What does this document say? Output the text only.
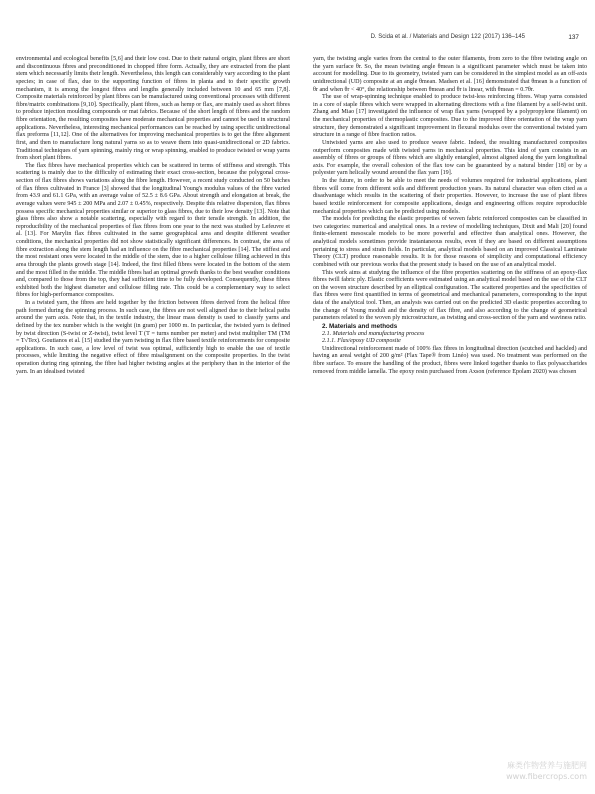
D. Scida et al. / Materials and Design 122 (2017) 136–145	137

environmental and ecological benefits [5,6] and their low cost. Due to their natural origin, plant fibres are short and discontinuous fibres and preconditioned in chopped fibre form. Actually, they are extracted from the plant stem which necessarily limits their length. Nevertheless, this length can considerably vary according to the plant species; in case of flax, due to the supporting function of fibres in planta and to their specific growth mechanism, it is among the longest fibres and lengths generally included between 10 and 65 mm [7,8]. Composite materials reinforced by plant fibres can be manufactured using conventional processes with different fibre/matrix combinations [9,10]. Specifically, plant fibres, such as hemp or flax, are mainly used as short fibres to produce injection moulding compounds or mat fabrics. Because of the short length of fibres and the random fibre orientation, the resulting composites have moderate mechanical properties and cannot be used in structural applications. Nevertheless, interesting mechanical performances can be reached by using specific unidirectional flax preforms [11,12]. One of the alternatives for improving mechanical properties is to get the fibre alignment first, and then to manufacture long natural yarns so as to weave them into quasi-unidirectional or 2D fabrics. Traditional techniques of yarn spinning, mainly ring or wrap spinning, enabled to produce twisted or wrap yarns from short plant fibres.

The flax fibres have mechanical properties which can be scattered in terms of stiffness and strength. This scattering is mainly due to the difficulty of estimating their exact cross-section, because the polygonal cross-section of flax fibres shows variations along the fibre length. However, a recent study conducted on 50 batches of flax fibres cultivated in France [3] showed that the longitudinal Young's modulus values of the fibre varied from 43.9 and 61.1 GPa, with an average value of 52.5 ± 8.6 GPa. About strength and elongation at break, the average values were 945 ± 200 MPa and 2.07 ± 0.45%, respectively. Despite this relative dispersion, flax fibres possess specific mechanical properties similar or superior to glass fibres, due to their low density [13]. Note that glass fibres also show a notable scattering, especially with regard to their tensile strength. In addition, the reproducibility of the mechanical properties of flax fibres from one year to the next was studied by Lefeuvre et al. [13]. For Marylin flax fibres cultivated in the same geographical area and despite different weather conditions, the mechanical properties did not show statistically significant differences. In contrast, the area of fibre extraction along the stem length had an influence on the fibre mechanical properties [14]. The stiffest and the most resistant ones were located in the middle of the stem, due to a higher cellulose filling achieved in this area through the plants growth stage [14]. Indeed, the first filled fibres were located in the bottom of the stem and the most filled in the middle. The middle fibres had an optimal growth thanks to the best weather conditions and, compared to those from the top, they had sufficient time to be fully developed. Consequently, these fibres exhibited both the highest diameter and cellulose filling rate. This could be a complementary way to select fibres for high-performance composites.

In a twisted yarn, the fibres are held together by the friction between fibres derived from the helical fibre path formed during the spinning process. In such case, the fibres are not well aligned due to their helical paths around the yarn axis. Note that, in the textile industry, the linear mass density is used to classify yarns and defined by the tex number which is the weight (in gram) per 1000 m. In particular, the twisted yarn is defined by twist direction (S-twist or Z-twist), twist level T (T = turns number per meter) and twist multiplier TM (TM = T√Tex). Goutianos et al. [15] studied the yarn twisting in flax fibre based textile reinforcements for composite applications. In such case, a low level of twist was optimal, sufficiently high to enable the use of textile processes, while limiting the negative effect of fibre misalignment on the composite properties. In the twist operation during ring spinning, the fibre had higher twisting angles at the periphery than in the interior of the yarn. In an idealised twisted

yarn, the twisting angle varies from the central to the outer filaments, from zero to the fibre twisting angle on the yarn surface θr. So, the mean twisting angle θmean is a significant parameter which must be taken into account for modelling. Due to its geometry, twisted yarn can be considered in the simplest model as an off-axis unidirectional (UD) composite at an angle θmean. Madsen et al. [16] demonstrated that θmean is a function of θr and when θr < 40°, the relationship between θmean and θr is linear, with θmean = 0.7θr.

The use of wrap-spinning technique enabled to produce twist-less reinforcing fibres. Wrap yarns consisted in a core of staple fibres which were wrapped in alternating directions with a fine filament by a self-twist unit. Zhang and Miao [17] investigated the influence of wrap flax yarns (wrapped by a polypropylene filament) on the mechanical properties of thermoplastic composites. Due to the improved fibre orientation of the wrap yarn structure, they demonstrated a significant improvement in flexural modulus over the conventional twisted yarn structure in a range of fibre fraction ratios.

Untwisted yarns are also used to produce weave fabric. Indeed, the resulting manufactured composites outperform composites made with twisted yarns in mechanical properties. This kind of yarn consists in an assembly of fibres or groups of fibres which are slightly entangled, almost aligned along the yarn longitudinal axis. For example, the overall cohesion of the flax tow can be guaranteed by a natural binder [18] or by a polyester yarn helically wound around the flax yarn [19].

In the future, in order to be able to meet the needs of volumes required for industrial applications, plant fibres will come from different soils and different production years. Its natural character was often cited as a disadvantage which results in the scattering of their properties. However, to increase the use of plant fibres based textile reinforcement for composite applications, design and engineering offices require reproducible mechanical properties which can be predicted using models.

The models for predicting the elastic properties of woven fabric reinforced composites can be classified in two categories: numerical and analytical ones. In a review of modelling techniques, Dixit and Mali [20] found finite-element mesoscale models to be more powerful and effective than analytical ones. However, the analytical models sometimes provide instantaneous results, even if they are based on different assumptions pertaining to stress and strain fields. In particular, analytical models based on an improved Classical Laminate Theory (CLT) produce reasonable results. It is for those reasons of simplicity and computational efficiency combined with our previous works that the present study is based on the use of an analytical model.

This work aims at studying the influence of the fibre properties scattering on the stiffness of an epoxy-flax fibres twill fabric ply. Elastic coefficients were estimated using an analytical model based on the use of the CLT on the woven structure described by an elliptical configuration. The scattered properties and the specificities of flax fibres were first quantified in terms of geometrical and mechanical parameters, corresponding to the input data of the analytical tool. Then, an analysis was carried out on the predicted 3D elastic properties according to the change of Young moduli and the density of flax fibre, and also according to the change of geometrical parameters related to the woven ply microstructure, as twisting and cross-section of the yarn and waviness ratio.

2. Materials and methods

2.1. Materials and manufacturing process

2.1.1. Flax/epoxy UD composite

Unidirectional reinforcement made of 100% flax fibres in longitudinal direction (scutched and hackled) and having an areal weight of 200 g/m² (Flax Tape® from Linéo) was used. No treatment was performed on the fibre surface. To ensure the handling of the product, fibres were linked together thanks to flax polysaccharides removed from middle lamella. The epoxy resin purchased from Axson (reference Epolam 2020) was chosen

麻类作物营养与施肥网
www.fibercrops.com
